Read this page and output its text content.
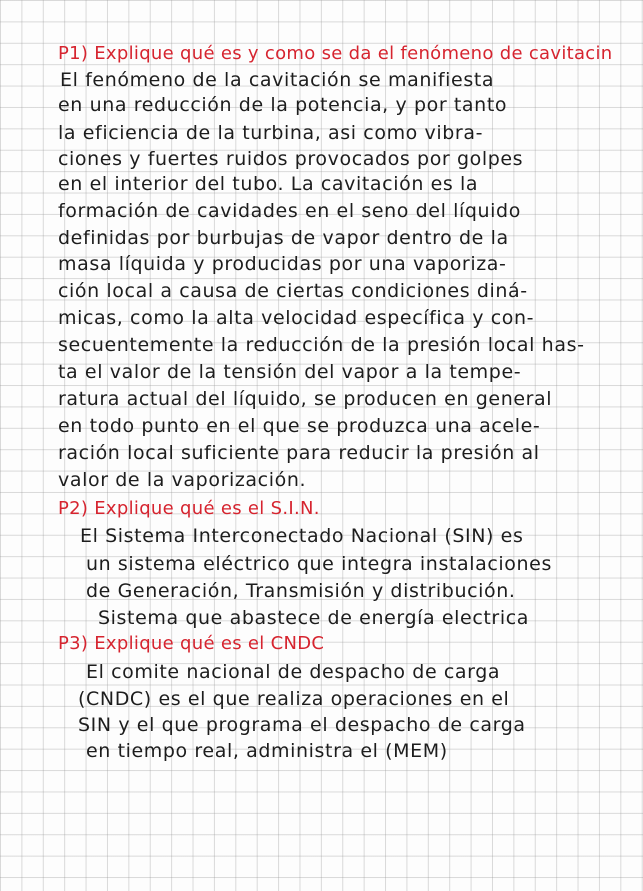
P1) Explique qué es y como se da el fenómeno de cavitacin
El fenómeno de la cavitación se manifiesta
en una reducción de la potencia, y por tanto
la eficiencia de la turbina, asi como vibra-
ciones y fuertes ruidos provocados por golpes
en el interior del tubo. La cavitación es la
formación de cavidades en el seno del líquido
definidas por burbujas de vapor dentro de la
masa líquida y producidas por una vaporiza-
ción local a causa de ciertas condiciones diná-
micas, como la alta velocidad específica y con-
secuentemente la reducción de la presión local has-
ta el valor de la tensión del vapor a la tempe-
ratura actual del líquido, se producen en general
en todo punto en el que se produzca una acele-
ración local suficiente para reducir la presión al
valor de la vaporización.
P2) Explique qué es el S.I.N.
El Sistema Interconectado Nacional (SIN) es
un sistema eléctrico que integra instalaciones
de Generación, Transmisión y distribución.
Sistema que abastece de energía electrica
P3) Explique qué es el CNDC
El comite nacional de despacho de carga
(CNDC) es el que realiza operaciones en el
SIN y el que programa el despacho de carga
en tiempo real, administra el (MEM)
